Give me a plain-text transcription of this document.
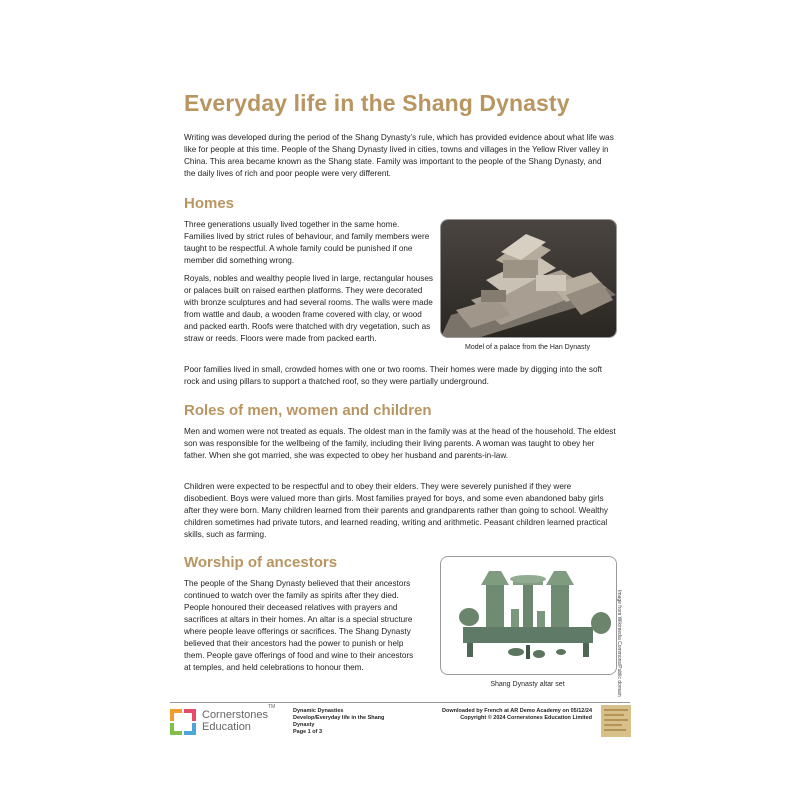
Everyday life in the Shang Dynasty

Writing was developed during the period of the Shang Dynasty’s rule, which has provided evidence about what life was like for people at this time. People of the Shang Dynasty lived in cities, towns and villages in the Yellow River valley in China. This area became known as the Shang state. Family was important to the people of the Shang Dynasty, and the daily lives of rich and poor people were very different.

Homes

Three generations usually lived together in the same home. Families lived by strict rules of behaviour, and family members were taught to be respectful. A whole family could be punished if one member did something wrong.

Royals, nobles and wealthy people lived in large, rectangular houses or palaces built on raised earthen platforms. They were decorated with bronze sculptures and had several rooms. The walls were made from wattle and daub, a wooden frame covered with clay, or wood and packed earth. Roofs were thatched with dry vegetation, such as straw or reeds. Floors were made from packed earth.

Model of a palace from the Han Dynasty

Poor families lived in small, crowded homes with one or two rooms. Their homes were made by digging into the soft rock and using pillars to support a thatched roof, so they were partially underground.

Roles of men, women and children

Men and women were not treated as equals. The oldest man in the family was at the head of the household. The eldest son was responsible for the wellbeing of the family, including their living parents. A woman was taught to obey her father. When she got married, she was expected to obey her husband and parents-in-law.

Children were expected to be respectful and to obey their elders. They were severely punished if they were disobedient. Boys were valued more than girls. Most families prayed for boys, and some even abandoned baby girls after they were born. Many children learned from their parents and grandparents rather than going to school. Wealthy children sometimes had private tutors, and learned reading, writing and arithmetic. Peasant children learned practical skills, such as farming.

Worship of ancestors

The people of the Shang Dynasty believed that their ancestors continued to watch over the family as spirits after they died. People honoured their deceased relatives with prayers and sacrifices at altars in their homes. An altar is a special structure where people leave offerings or sacrifices. The Shang Dynasty believed that their ancestors had the power to punish or help them. People gave offerings of food and wine to their ancestors at temples, and held celebrations to honour them.

Shang Dynasty altar set	Image from Wikimedia Commons/Public domain
Cornerstones
Education
TM
Dynamic Dynasties
Develop/Everyday life in the Shang Dynasty
Page 1 of 3
Downloaded by French at AR Demo Academy on 05/12/24
Copyright © 2024 Cornerstones Education Limited
